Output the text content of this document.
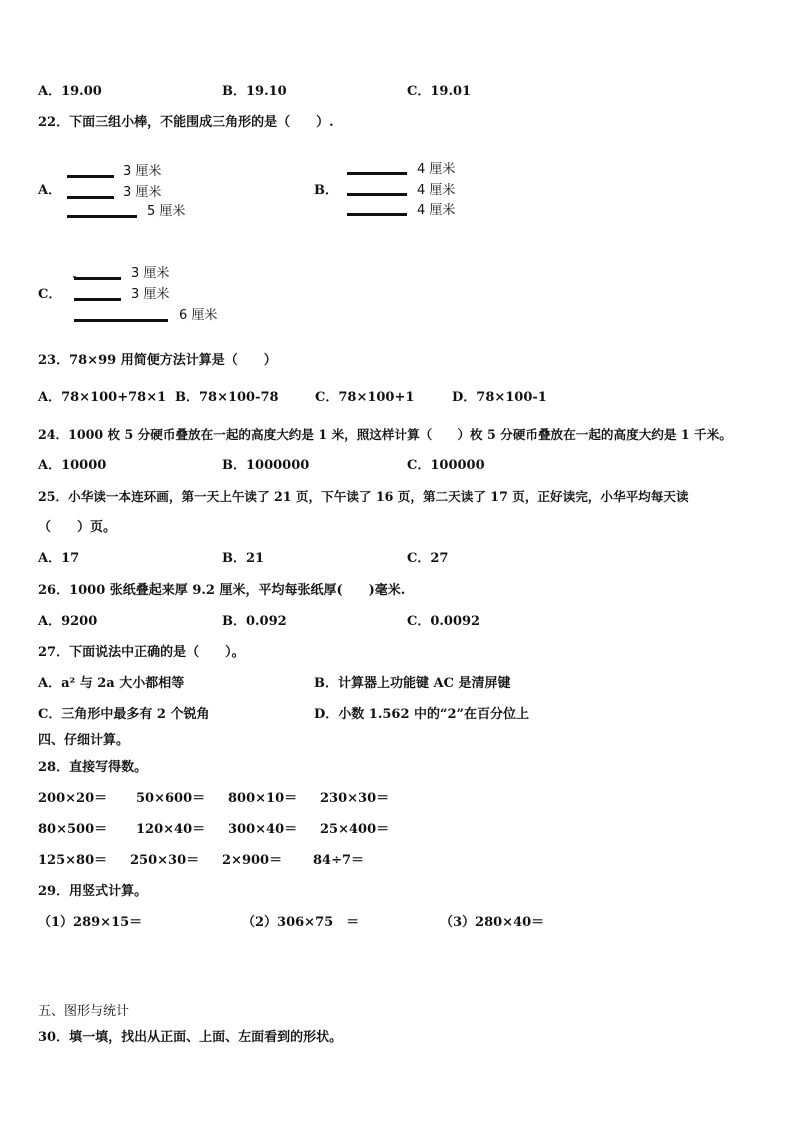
A．19.00	B．19.10	C．19.01
22．下面三组小棒，不能围成三角形的是（　　）.
A．
3 厘米
3 厘米
5 厘米
B．
4 厘米
4 厘米
4 厘米
C．
3 厘米
3 厘米
6 厘米
23．78×99 用简便方法计算是（　　）
A．78×100+78×1 B．78×100-78	C．78×100+1	D．78×100-1
24．1000 枚 5 分硬币叠放在一起的高度大约是 1 米，照这样计算（　　）枚 5 分硬币叠放在一起的高度大约是 1 千米。
A．10000	B．1000000	C．100000
25．小华读一本连环画，第一天上午读了 21 页，下午读了 16 页，第二天读了 17 页，正好读完，小华平均每天读
（　　）页。
A．17	B．21	C．27
26．1000 张纸叠起来厚 9.2 厘米，平均每张纸厚(　　)毫米.
A．9200	B．0.092	C．0.0092
27．下面说法中正确的是（　　）。
A．a² 与 2a 大小都相等	B．计算器上功能键 AC 是清屏键
C．三角形中最多有 2 个锐角	D．小数 1.562 中的“2”在百分位上
四、仔细计算。
28．直接写得数。
200×20＝ 50×600＝ 800×10＝ 230×30＝
80×500＝ 120×40＝ 300×40＝ 25×400＝
125×80＝ 250×30＝ 2×900＝ 84÷7＝
29．用竖式计算。
（1）289×15＝	（2）306×75　＝	（3）280×40＝
五、图形与统计
30．填一填，找出从正面、上面、左面看到的形状。
